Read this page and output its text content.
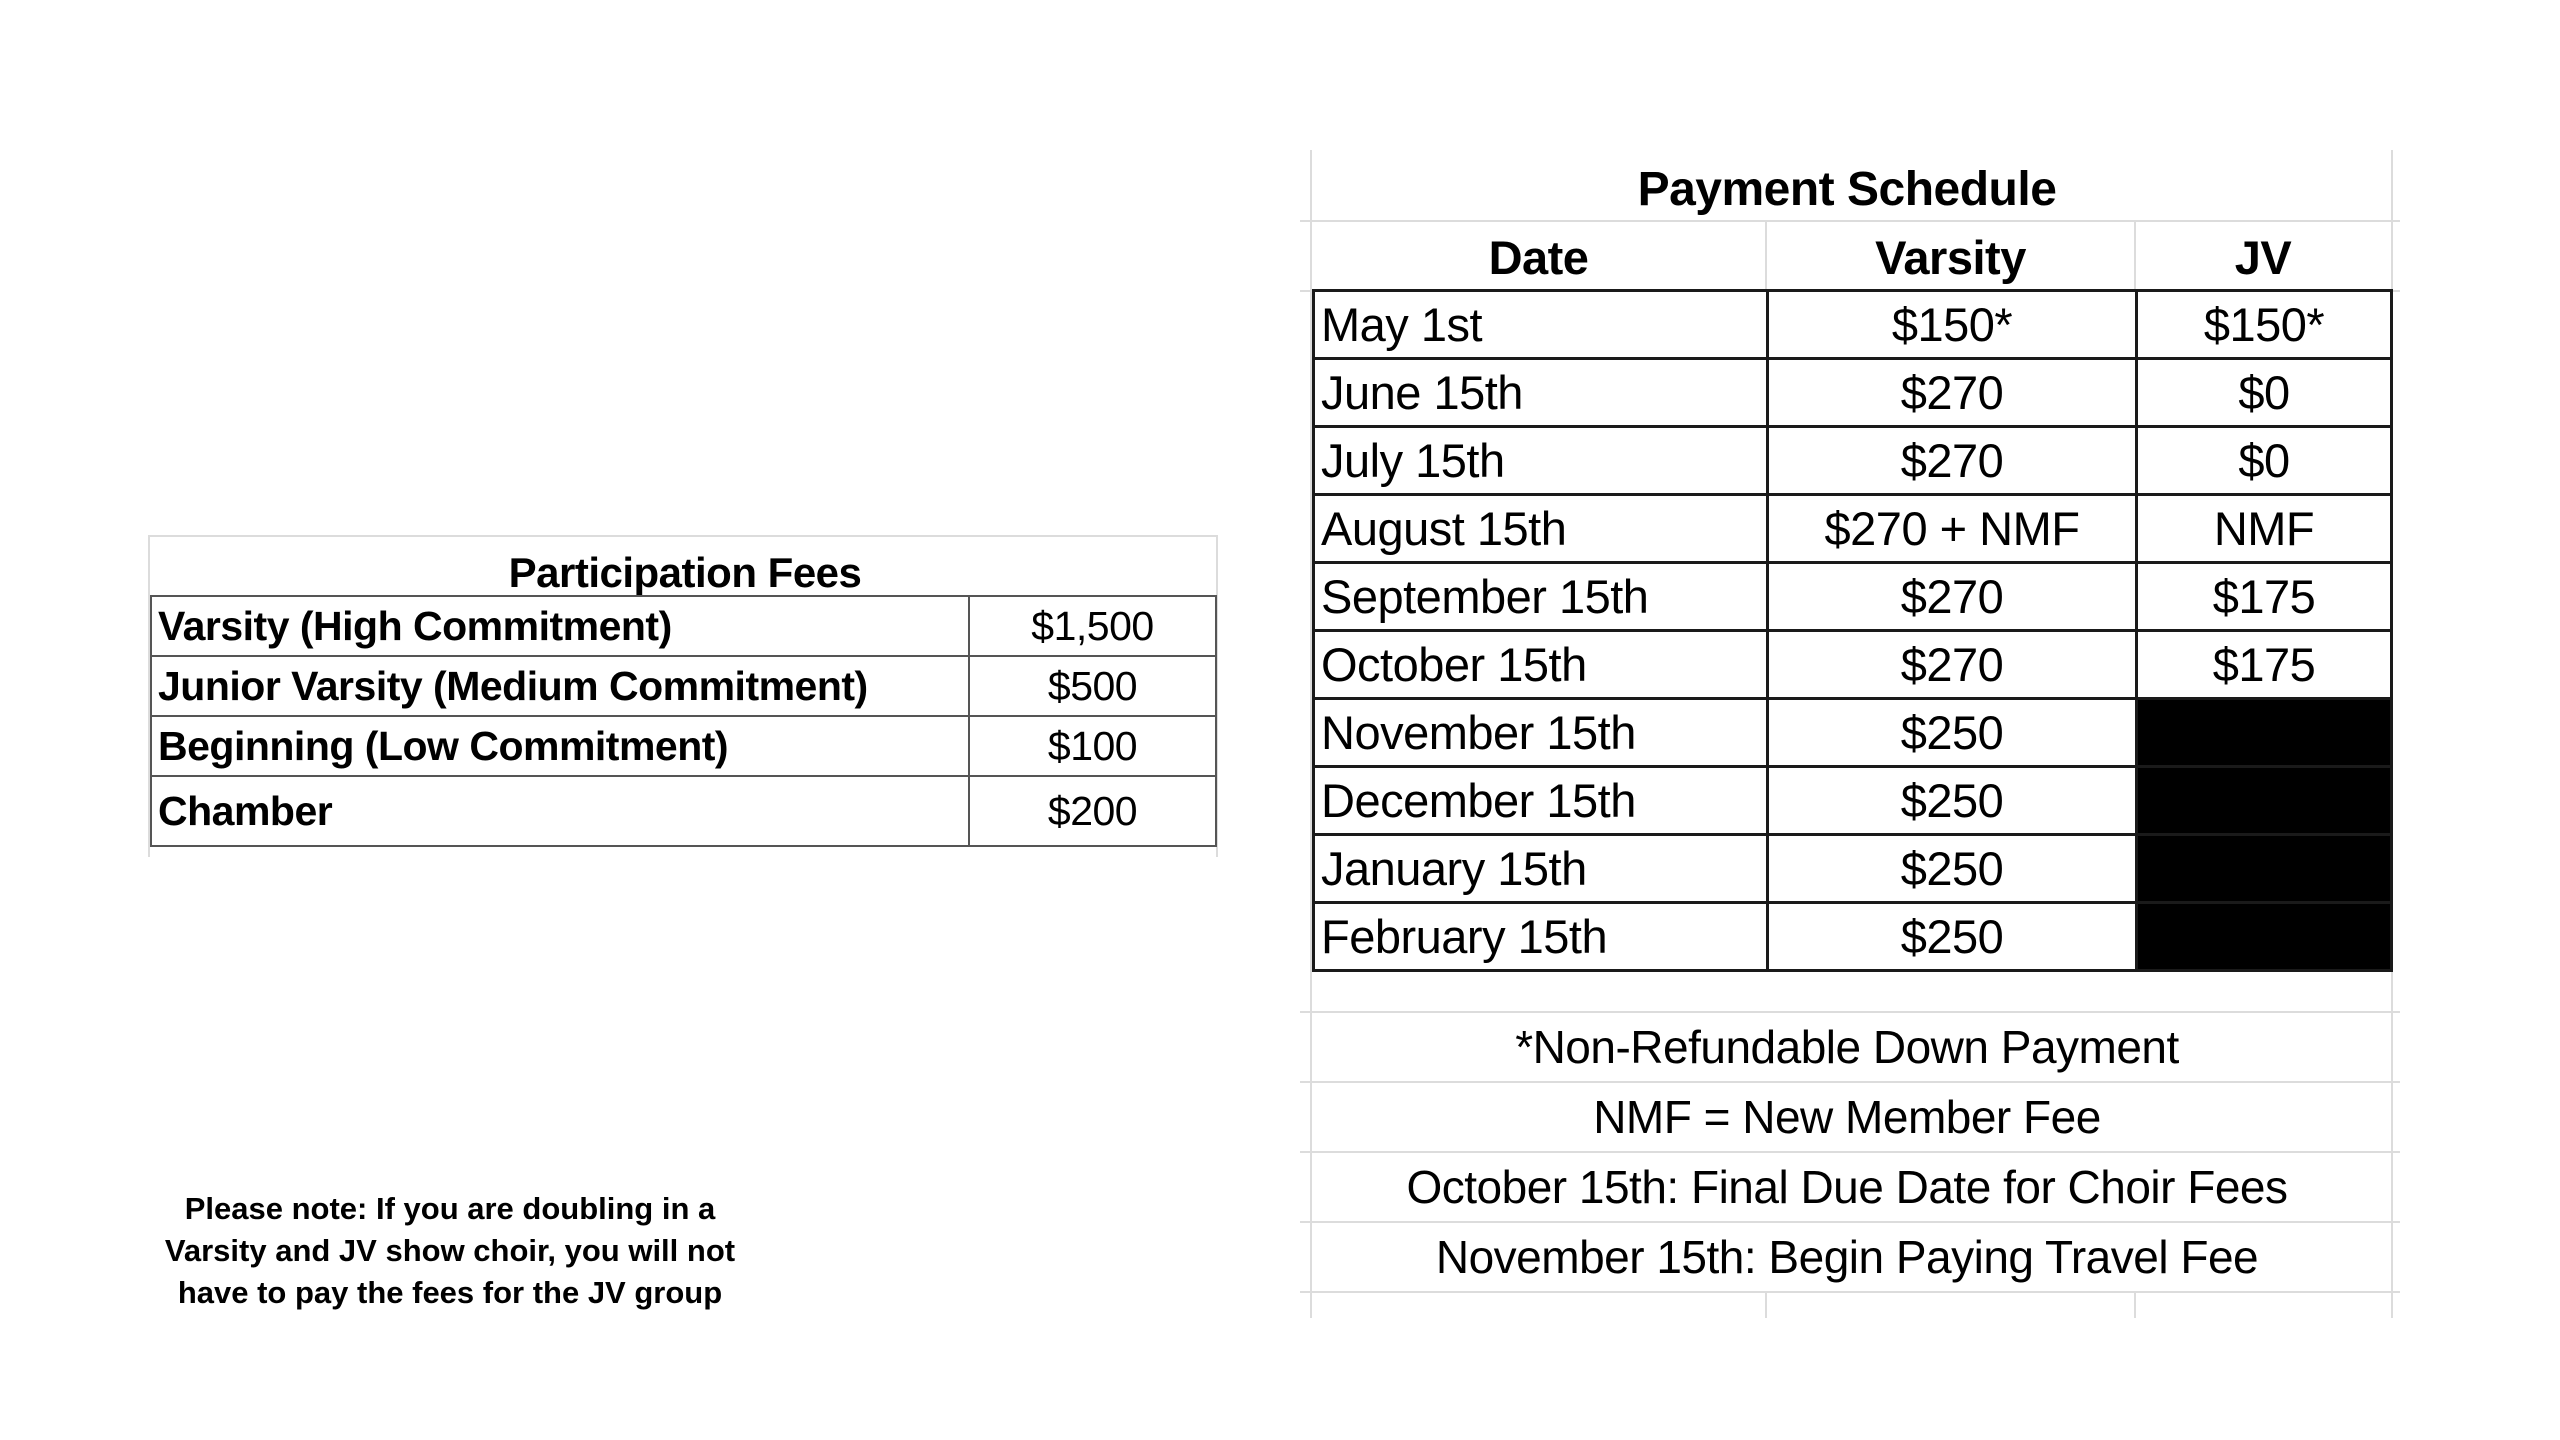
Participation Fees
Varsity (High Commitment)	$1,500
Junior Varsity (Medium Commitment)	$500
Beginning (Low Commitment)	$100
Chamber	$200
Please note: If you are doubling in a
Varsity and JV show choir, you will not
have to pay the fees for the JV group
Payment Schedule
Date	Varsity	JV
May 1st	$150*	$150*
June 15th	$270	$0
July 15th	$270	$0
August 15th	$270 + NMF	NMF
September 15th	$270	$175
October 15th	$270	$175
November 15th	$250	
December 15th	$250	
January 15th	$250	
February 15th	$250	
*Non-Refundable Down Payment
NMF = New Member Fee
October 15th: Final Due Date for Choir Fees
November 15th: Begin Paying Travel Fee
